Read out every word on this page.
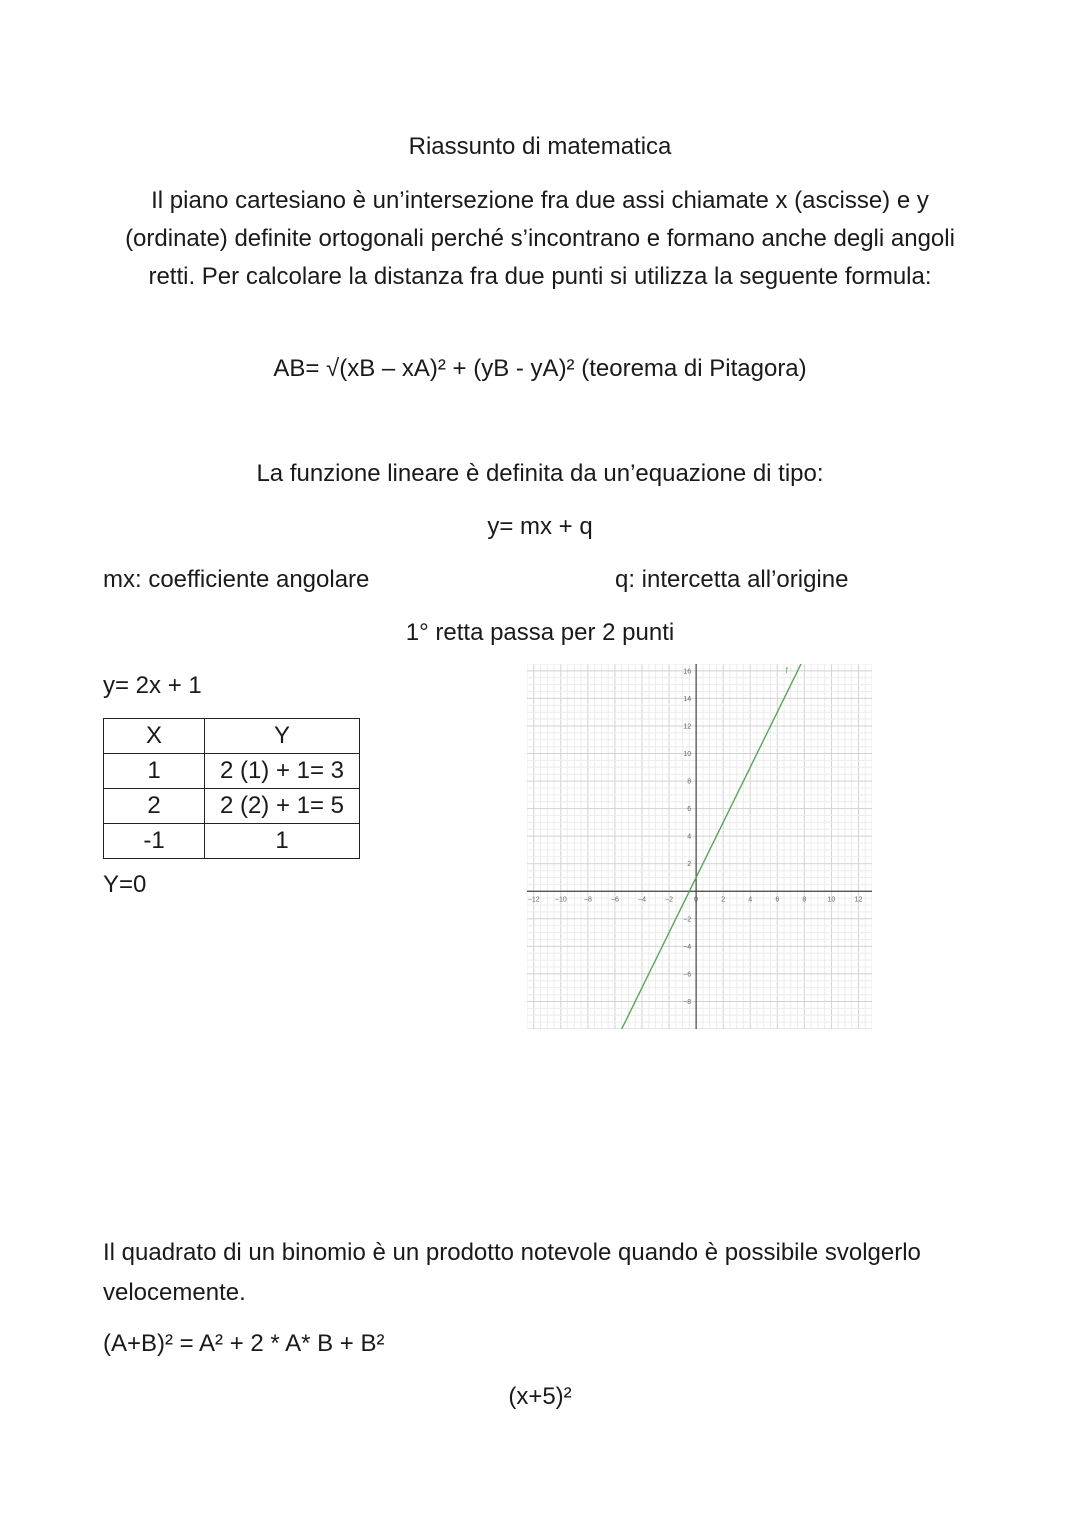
Riassunto di matematica
Il piano cartesiano è un’intersezione fra due assi chiamate x (ascisse) e y (ordinate) definite ortogonali perché s’incontrano e formano anche degli angoli retti. Per calcolare la distanza fra due punti si utilizza la seguente formula:
AB= √(xB – xA)² + (yB - yA)² (teorema di Pitagora)
La funzione lineare è definita da un’equazione di tipo:
y= mx + q
mx: coefficiente angolare	q: intercetta all’origine
1° retta passa per 2 punti
y= 2x + 1
X	Y
1	2 (1) + 1= 3
2	2 (2) + 1= 5
-1	1
Y=0
−12 −10 −8	−6	−4	−2	0	2	4	6	8	10	12
−8
−6
−4
−2
2
4
6
8
10
12
14
16	f
Il quadrato di un binomio è un prodotto notevole quando è possibile svolgerlo velocemente.
(A+B)² = A² + 2 * A* B + B²
(x+5)²
